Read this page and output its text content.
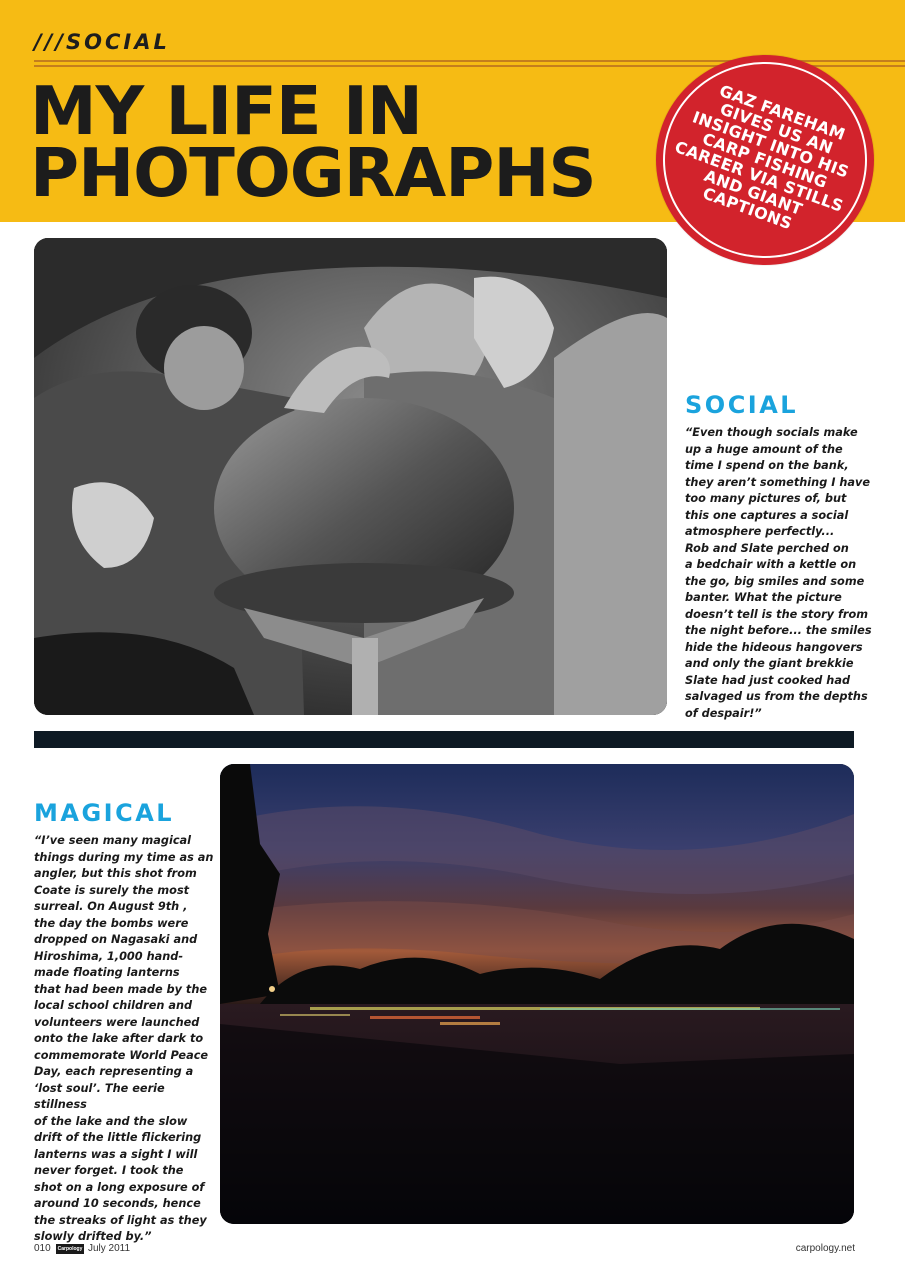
///SOCIAL
MY LIFE IN
PHOTOGRAPHS
GAZ FAREHAM
GIVES US AN
INSIGHT INTO HIS
CARP FISHING
CAREER VIA STILLS
AND GIANT
CAPTIONS
SOCIAL
“Even though socials make
up a huge amount of the
time I spend on the bank,
they aren’t something I have
too many pictures of, but
this one captures a social
atmosphere perfectly...
Rob and Slate perched on
a bedchair with a kettle on
the go, big smiles and some
banter. What the picture
doesn’t tell is the story from
the night before... the smiles
hide the hideous hangovers
and only the giant brekkie
Slate had just cooked had
salvaged us from the depths
of despair!”
MAGICAL
“I’ve seen many magical
things during my time as an
angler, but this shot from
Coate is surely the most
surreal. On August 9th ,
the day the bombs were
dropped on Nagasaki and
Hiroshima, 1,000 hand-
made floating lanterns
that had been made by the
local school children and
volunteers were launched
onto the lake after dark to
commemorate World Peace
Day, each representing a
‘lost soul’. The eerie stillness
of the lake and the slow
drift of the little flickering
lanterns was a sight I will
never forget. I took the
shot on a long exposure of
around 10 seconds, hence
the streaks of light as they
slowly drifted by.”
010	Carpology July 2011	carpology.net
